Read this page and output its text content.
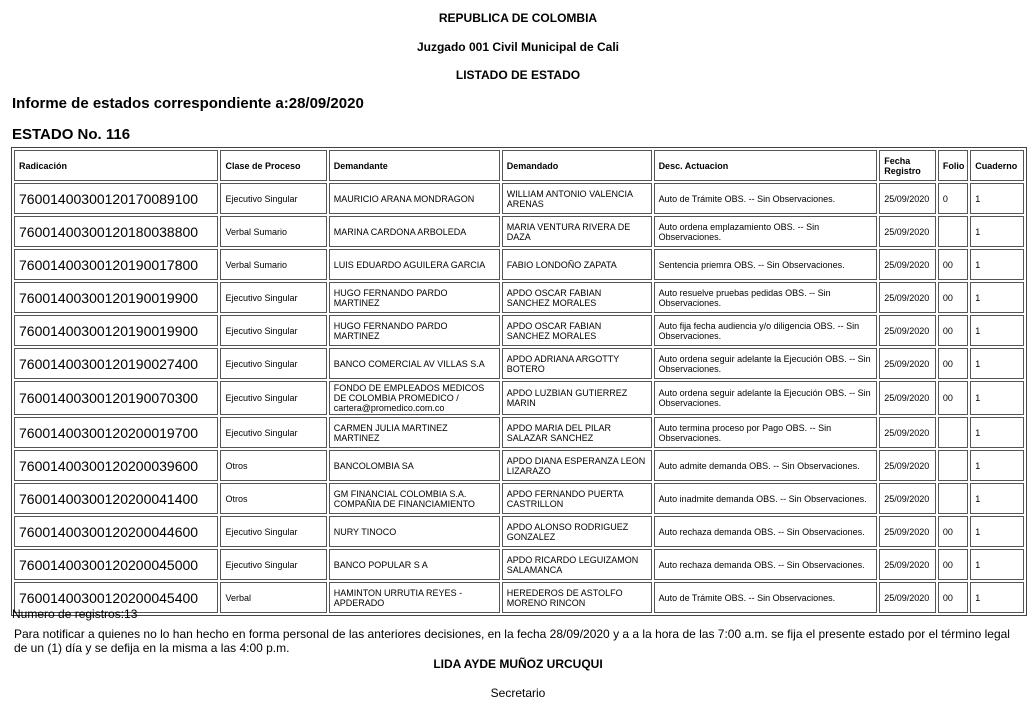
REPUBLICA DE COLOMBIA
Juzgado 001 Civil Municipal de Cali
LISTADO DE ESTADO
Informe de estados correspondiente a:28/09/2020
ESTADO No. 116
Radicación	Clase de Proceso	Demandante	Demandado	Desc. Actuacion	Fecha Registro	Folio	Cuaderno
76001400300120170089100	Ejecutivo Singular	MAURICIO ARANA MONDRAGON	WILLIAM ANTONIO VALENCIA ARENAS	Auto de Trámite OBS. -- Sin Observaciones.	25/09/2020	0	1
76001400300120180038800	Verbal Sumario	MARINA CARDONA ARBOLEDA	MARIA VENTURA RIVERA DE DAZA	Auto ordena emplazamiento OBS. -- Sin Observaciones.	25/09/2020		1
76001400300120190017800	Verbal Sumario	LUIS EDUARDO AGUILERA GARCIA	FABIO LONDOÑO ZAPATA	Sentencia priemra OBS. -- Sin Observaciones.	25/09/2020	00	1
76001400300120190019900	Ejecutivo Singular	HUGO FERNANDO PARDO MARTINEZ	APDO OSCAR FABIAN SANCHEZ MORALES	Auto resuelve pruebas pedidas OBS. -- Sin Observaciones.	25/09/2020	00	1
76001400300120190019900	Ejecutivo Singular	HUGO FERNANDO PARDO MARTINEZ	APDO OSCAR FABIAN SANCHEZ MORALES	Auto fija fecha audiencia y/o diligencia OBS. -- Sin Observaciones.	25/09/2020	00	1
76001400300120190027400	Ejecutivo Singular	BANCO COMERCIAL AV VILLAS S.A	APDO ADRIANA ARGOTTY BOTERO	Auto ordena seguir adelante la Ejecución OBS. -- Sin Observaciones.	25/09/2020	00	1
76001400300120190070300	Ejecutivo Singular	FONDO DE EMPLEADOS MEDICOS DE COLOMBIA PROMEDICO / cartera@promedico.com.co	APDO LUZBIAN GUTIERREZ MARIN	Auto ordena seguir adelante la Ejecución OBS. -- Sin Observaciones.	25/09/2020	00	1
76001400300120200019700	Ejecutivo Singular	CARMEN JULIA MARTINEZ MARTINEZ	APDO MARIA DEL PILAR SALAZAR SANCHEZ	Auto termina proceso por Pago OBS. -- Sin Observaciones.	25/09/2020		1
76001400300120200039600	Otros	BANCOLOMBIA SA	APDO DIANA ESPERANZA LEON LIZARAZO	Auto admite demanda OBS. -- Sin Observaciones.	25/09/2020		1
76001400300120200041400	Otros	GM FINANCIAL COLOMBIA S.A. COMPAÑIA DE FINANCIAMIENTO	APDO FERNANDO PUERTA CASTRILLON	Auto inadmite demanda OBS. -- Sin Observaciones.	25/09/2020		1
76001400300120200044600	Ejecutivo Singular	NURY TINOCO	APDO ALONSO RODRIGUEZ GONZALEZ	Auto rechaza demanda OBS. -- Sin Observaciones.	25/09/2020	00	1
76001400300120200045000	Ejecutivo Singular	BANCO POPULAR S A	APDO RICARDO LEGUIZAMON SALAMANCA	Auto rechaza demanda OBS. -- Sin Observaciones.	25/09/2020	00	1
76001400300120200045400	Verbal	HAMINTON URRUTIA REYES - APDERADO	HEREDEROS DE ASTOLFO MORENO RINCON	Auto de Trámite OBS. -- Sin Observaciones.	25/09/2020	00	1
Numero de registros:13
Para notificar a quienes no lo han hecho en forma personal de las anteriores decisiones, en la fecha 28/09/2020 y a a la hora de las 7:00 a.m. se fija el presente estado por el término legal de un (1) día y se defija en la misma a las 4:00 p.m.
LIDA AYDE MUÑOZ URCUQUI
Secretario
